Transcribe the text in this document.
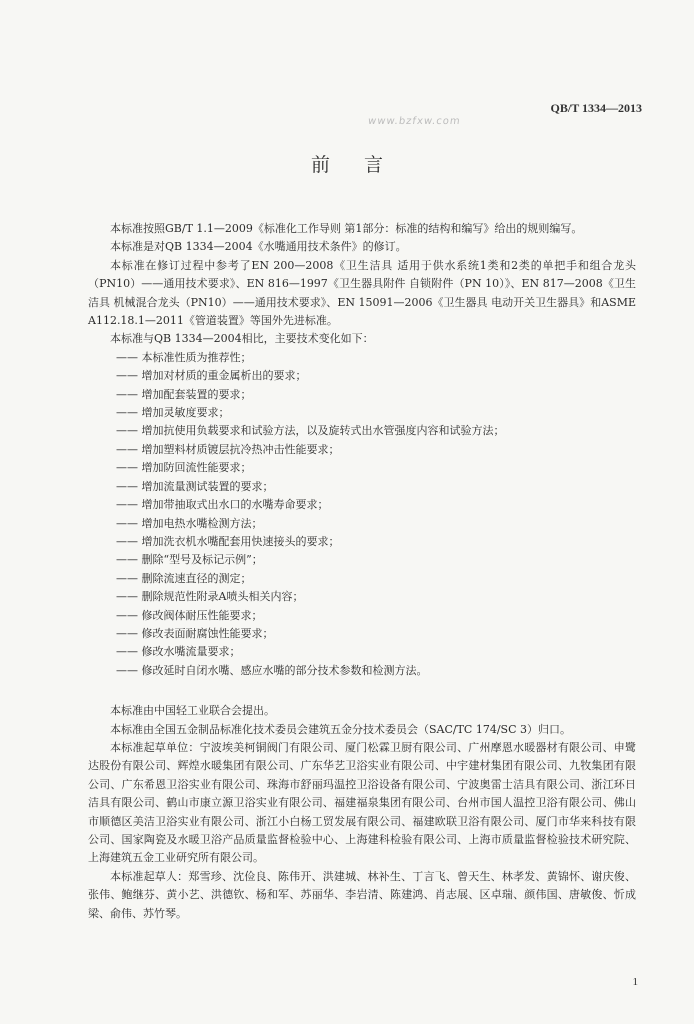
QB/T 1334—2013
www.bzfxw.com
前言

本标准按照GB/T 1.1—2009《标准化工作导则 第1部分：标准的结构和编写》给出的规则编写。

本标准是对QB 1334—2004《水嘴通用技术条件》的修订。

本标准在修订过程中参考了EN 200—2008《卫生洁具 适用于供水系统1类和2类的单把手和组合龙头（PN10）——通用技术要求》、EN 816—1997《卫生器具附件 自锁附件（PN 10）》、EN 817—2008《卫生洁具 机械混合龙头（PN10）——通用技术要求》、EN 15091—2006《卫生器具 电动开关卫生器具》和ASME A112.18.1—2011《管道装置》等国外先进标准。

本标准与QB 1334—2004相比，主要技术变化如下：

—— 本标准性质为推荐性；
—— 增加对材质的重金属析出的要求；
—— 增加配套装置的要求；
—— 增加灵敏度要求；
—— 增加抗使用负载要求和试验方法，以及旋转式出水管强度内容和试验方法；
—— 增加塑料材质镀层抗冷热冲击性能要求；
—— 增加防回流性能要求；
—— 增加流量测试装置的要求；
—— 增加带抽取式出水口的水嘴寿命要求；
—— 增加电热水嘴检测方法；
—— 增加洗衣机水嘴配套用快速接头的要求；
—— 删除“型号及标记示例”；
—— 删除流速直径的测定；
—— 删除规范性附录A喷头相关内容；
—— 修改阀体耐压性能要求；
—— 修改表面耐腐蚀性能要求；
—— 修改水嘴流量要求；
—— 修改延时自闭水嘴、感应水嘴的部分技术参数和检测方法。

本标准由中国轻工业联合会提出。

本标准由全国五金制品标准化技术委员会建筑五金分技术委员会（SAC/TC 174/SC 3）归口。

本标准起草单位：宁波埃美柯铜阀门有限公司、厦门松霖卫厨有限公司、广州摩恩水暖器材有限公司、申鹭达股份有限公司、辉煌水暖集团有限公司、广东华艺卫浴实业有限公司、中宇建材集团有限公司、九牧集团有限公司、广东希恩卫浴实业有限公司、珠海市舒丽玛温控卫浴设备有限公司、宁波奥雷士洁具有限公司、浙江环日洁具有限公司、鹤山市康立源卫浴实业有限公司、福建福泉集团有限公司、台州市国人温控卫浴有限公司、佛山市顺德区美洁卫浴实业有限公司、浙江小白杨工贸发展有限公司、福建欧联卫浴有限公司、厦门市华来科技有限公司、国家陶瓷及水暖卫浴产品质量监督检验中心、上海建科检验有限公司、上海市质量监督检验技术研究院、上海建筑五金工业研究所有限公司。

本标准起草人：郑雪珍、沈俭良、陈伟开、洪建城、林补生、丁言飞、曾天生、林孝发、黄锦怀、谢庆俊、张伟、鲍继芬、黄小艺、洪德钦、杨和军、苏丽华、李岩清、陈建鸿、肖志展、区卓瑞、颜伟国、唐敏俊、忻成梁、俞伟、苏竹琴。

1
